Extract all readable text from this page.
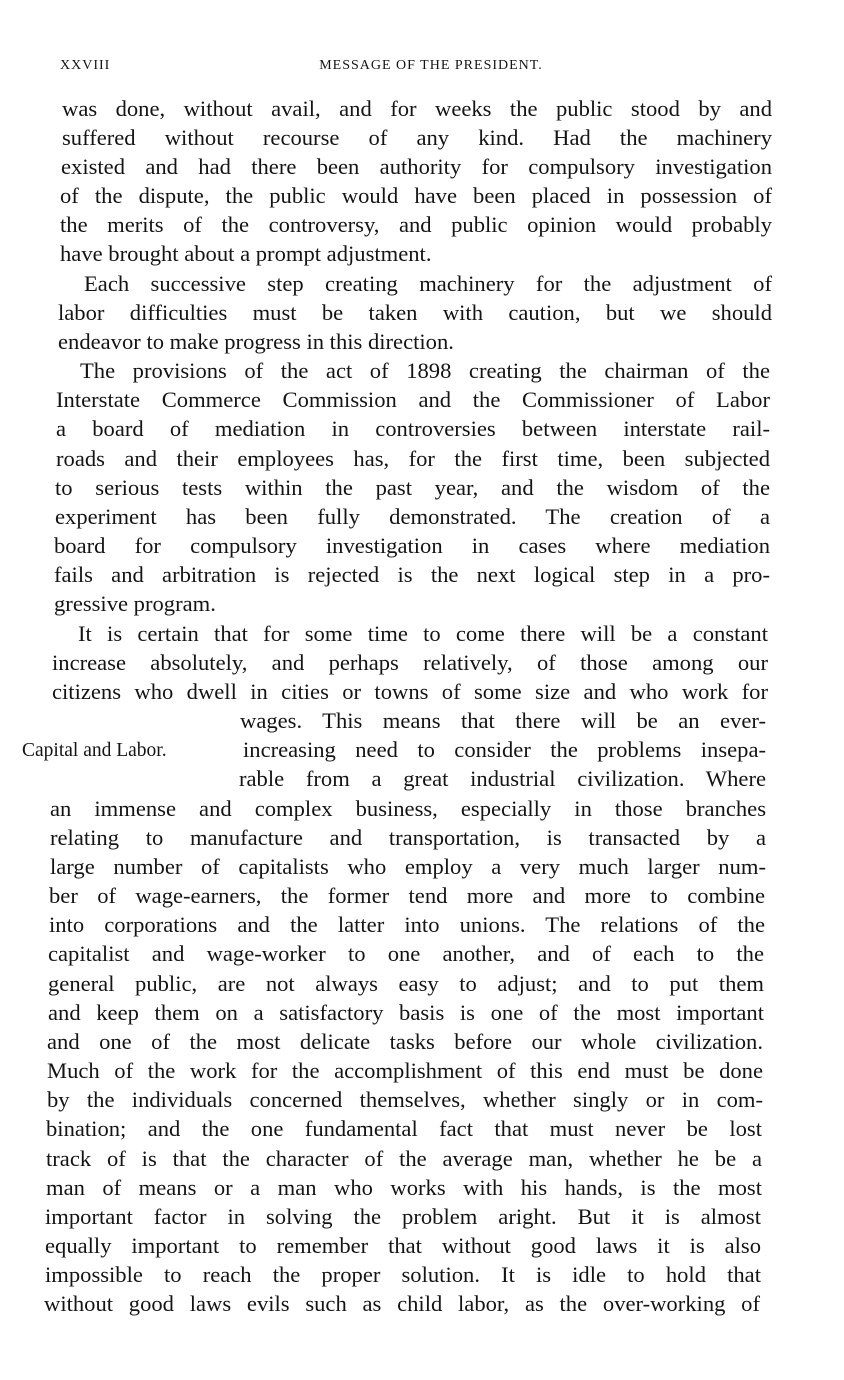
XXVIII	MESSAGE OF THE PRESIDENT.
Capital and Labor.
was done, without avail, and for weeks the public stood by and
suffered without recourse of any kind. Had the machinery
existed and had there been authority for compulsory investigation
of the dispute, the public would have been placed in possession of
the merits of the controversy, and public opinion would probably
have brought about a prompt adjustment.
Each successive step creating machinery for the adjustment of
labor difficulties must be taken with caution, but we should
endeavor to make progress in this direction.
The provisions of the act of 1898 creating the chairman of the
Interstate Commerce Commission and the Commissioner of Labor
a board of mediation in controversies between interstate rail-
roads and their employees has, for the first time, been subjected
to serious tests within the past year, and the wisdom of the
experiment has been fully demonstrated. The creation of a
board for compulsory investigation in cases where mediation
fails and arbitration is rejected is the next logical step in a pro-
gressive program.
It is certain that for some time to come there will be a constant
increase absolutely, and perhaps relatively, of those among our
citizens who dwell in cities or towns of some size and who work for
wages. This means that there will be an ever-
increasing need to consider the problems insepa-
rable from a great industrial civilization. Where
an immense and complex business, especially in those branches
relating to manufacture and transportation, is transacted by a
large number of capitalists who employ a very much larger num-
ber of wage-earners, the former tend more and more to combine
into corporations and the latter into unions. The relations of the
capitalist and wage-worker to one another, and of each to the
general public, are not always easy to adjust; and to put them
and keep them on a satisfactory basis is one of the most important
and one of the most delicate tasks before our whole civilization.
Much of the work for the accomplishment of this end must be done
by the individuals concerned themselves, whether singly or in com-
bination; and the one fundamental fact that must never be lost
track of is that the character of the average man, whether he be a
man of means or a man who works with his hands, is the most
important factor in solving the problem aright. But it is almost
equally important to remember that without good laws it is also
impossible to reach the proper solution. It is idle to hold that
without good laws evils such as child labor, as the over-working of
